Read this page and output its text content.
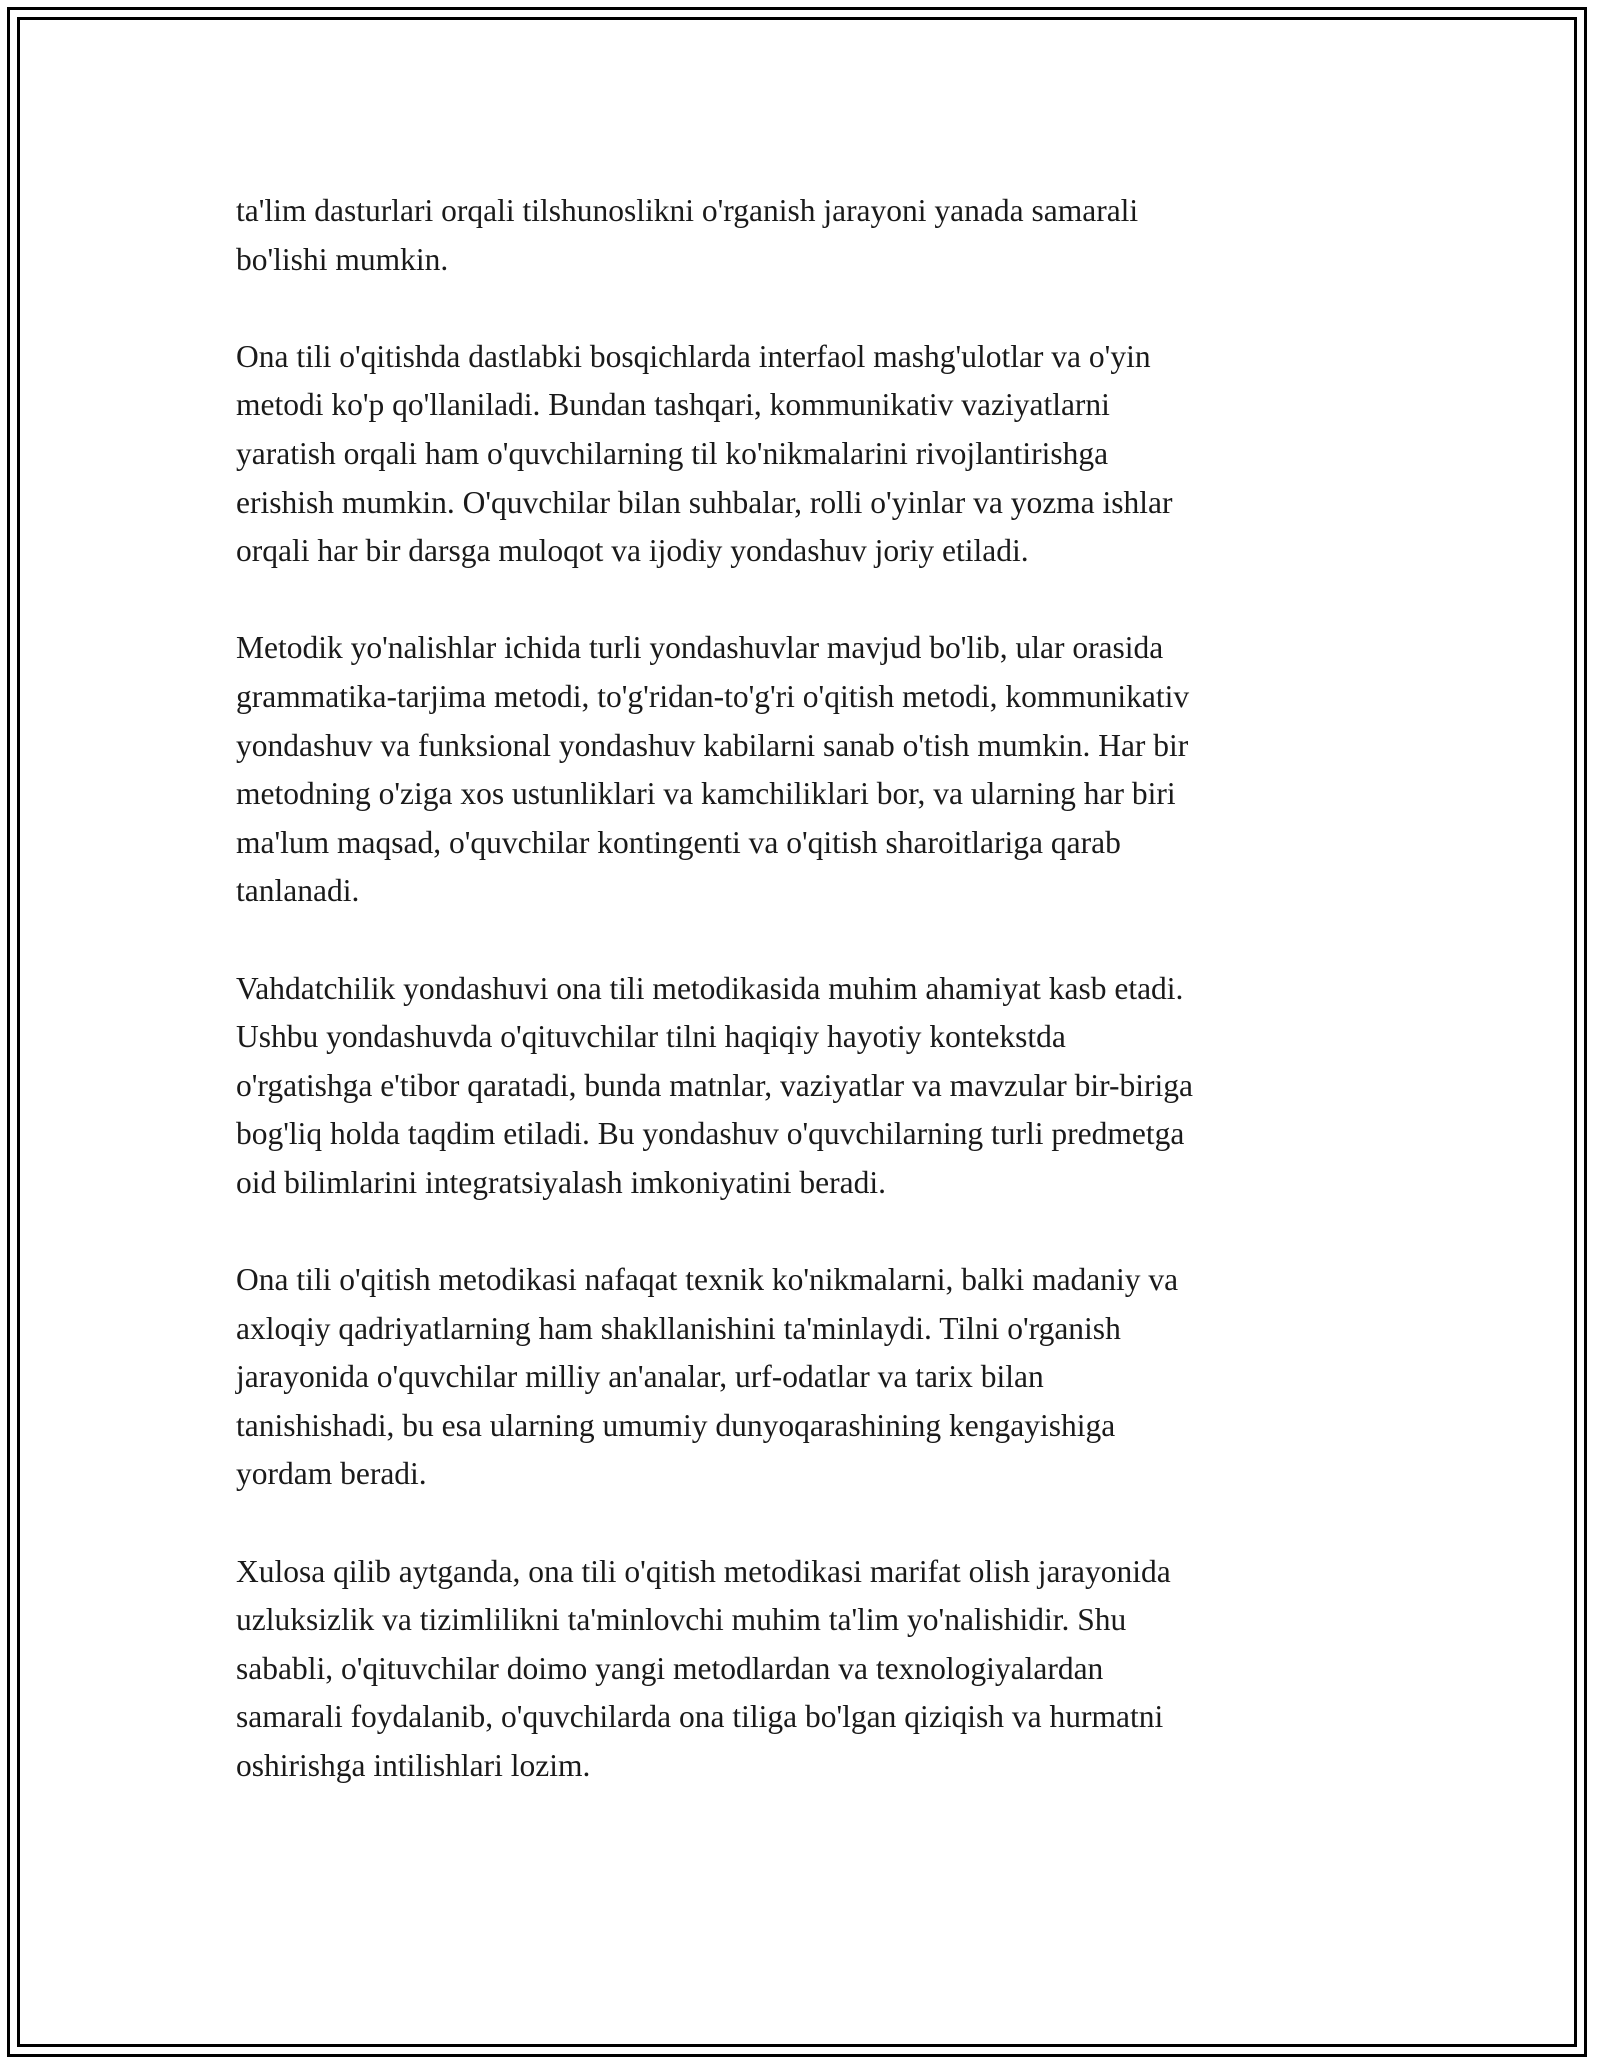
ta'lim dasturlari orqali tilshunoslikni o'rganish jarayoni yanada samarali
bo'lishi mumkin.

Ona tili o'qitishda dastlabki bosqichlarda interfaol mashg'ulotlar va o'yin
metodi ko'p qo'llaniladi. Bundan tashqari, kommunikativ vaziyatlarni
yaratish orqali ham o'quvchilarning til ko'nikmalarini rivojlantirishga
erishish mumkin. O'quvchilar bilan suhbalar, rolli o'yinlar va yozma ishlar
orqali har bir darsga muloqot va ijodiy yondashuv joriy etiladi.

Metodik yo'nalishlar ichida turli yondashuvlar mavjud bo'lib, ular orasida
grammatika-tarjima metodi, to'g'ridan-to'g'ri o'qitish metodi, kommunikativ
yondashuv va funksional yondashuv kabilarni sanab o'tish mumkin. Har bir
metodning o'ziga xos ustunliklari va kamchiliklari bor, va ularning har biri
ma'lum maqsad, o'quvchilar kontingenti va o'qitish sharoitlariga qarab
tanlanadi.

Vahdatchilik yondashuvi ona tili metodikasida muhim ahamiyat kasb etadi.
Ushbu yondashuvda o'qituvchilar tilni haqiqiy hayotiy kontekstda
o'rgatishga e'tibor qaratadi, bunda matnlar, vaziyatlar va mavzular bir-biriga
bog'liq holda taqdim etiladi. Bu yondashuv o'quvchilarning turli predmetga
oid bilimlarini integratsiyalash imkoniyatini beradi.

Ona tili o'qitish metodikasi nafaqat texnik ko'nikmalarni, balki madaniy va
axloqiy qadriyatlarning ham shakllanishini ta'minlaydi. Tilni o'rganish
jarayonida o'quvchilar milliy an'analar, urf-odatlar va tarix bilan
tanishishadi, bu esa ularning umumiy dunyoqarashining kengayishiga
yordam beradi.

Xulosa qilib aytganda, ona tili o'qitish metodikasi marifat olish jarayonida
uzluksizlik va tizimlilikni ta'minlovchi muhim ta'lim yo'nalishidir. Shu
sababli, o'qituvchilar doimo yangi metodlardan va texnologiyalardan
samarali foydalanib, o'quvchilarda ona tiliga bo'lgan qiziqish va hurmatni
oshirishga intilishlari lozim.
